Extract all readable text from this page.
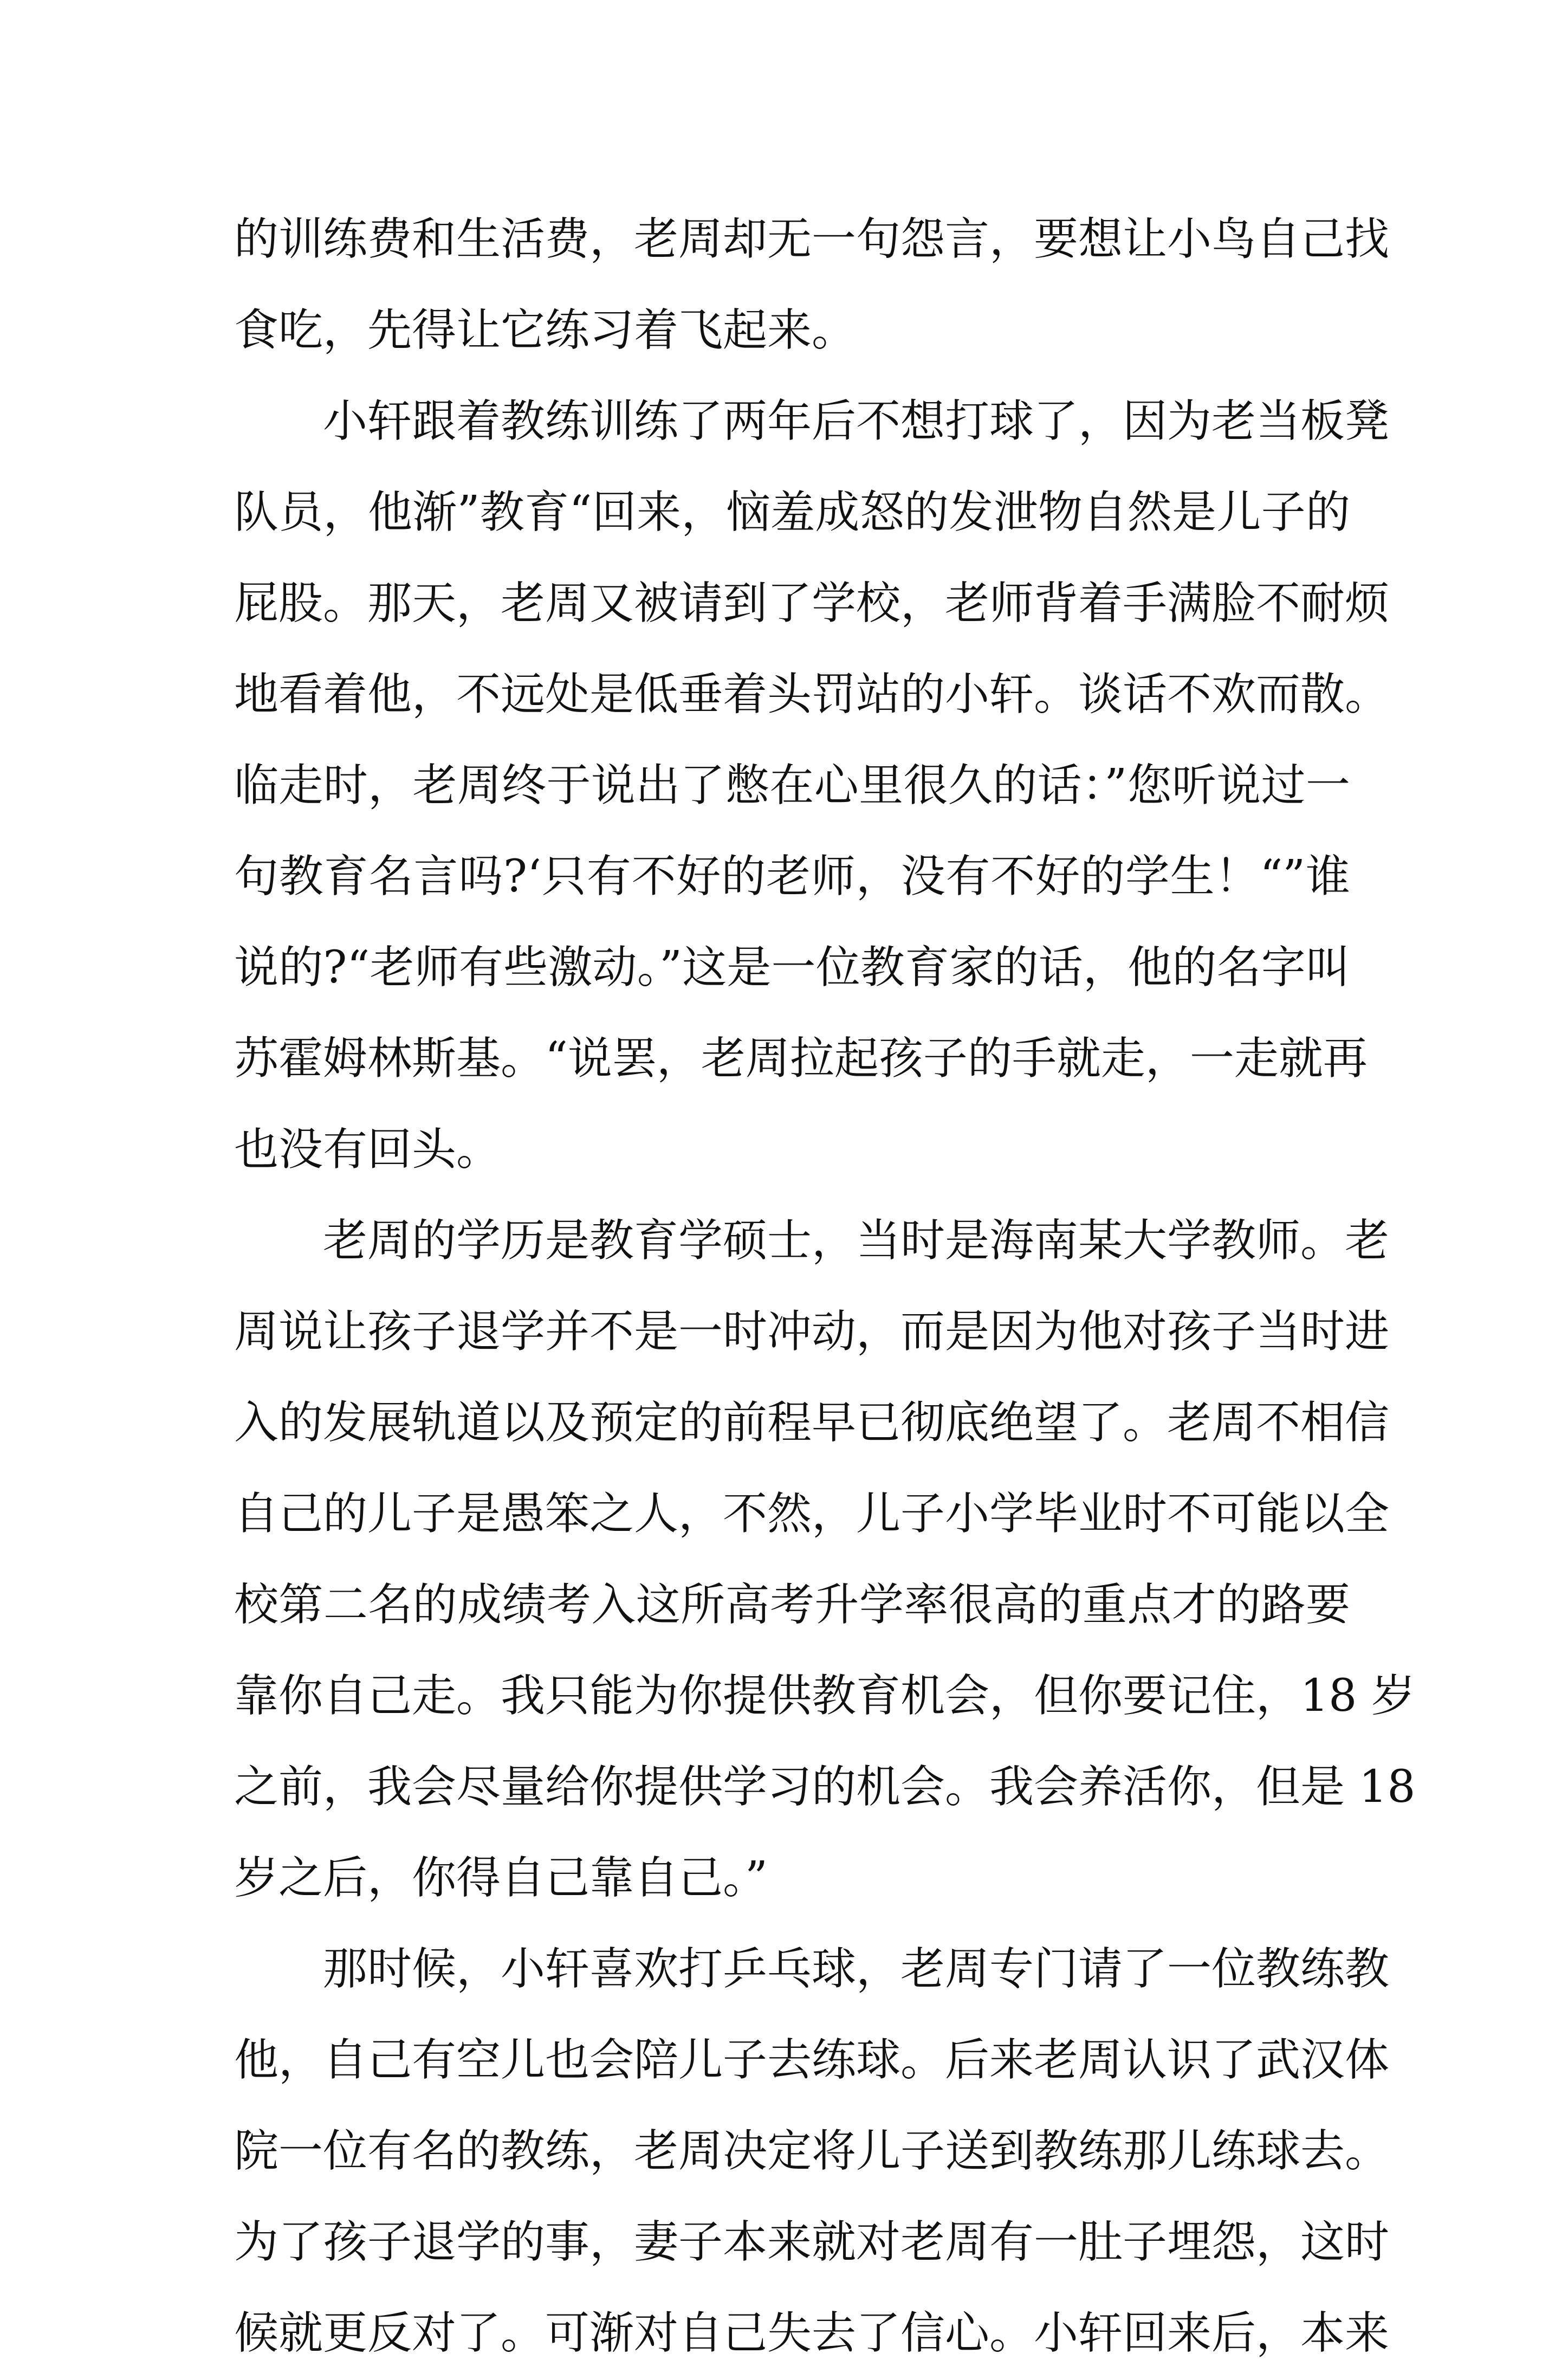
的训练费和生活费，老周却无一句怨言，要想让小鸟自己找
食吃，先得让它练习着飞起来。
小轩跟着教练训练了两年后不想打球了，因为老当板凳
队员，他渐”教育“回来，恼羞成怒的发泄物自然是儿子的
屁股。那天，老周又被请到了学校，老师背着手满脸不耐烦
地看着他，不远处是低垂着头罚站的小轩。谈话不欢而散。
临走时，老周终于说出了憋在心里很久的话：”您听说过一
句教育名言吗?‘只有不好的老师，没有不好的学生！“”谁
说的?“老师有些激动。”这是一位教育家的话，他的名字叫
苏霍姆林斯基。“说罢，老周拉起孩子的手就走，一走就再
也没有回头。
老周的学历是教育学硕士，当时是海南某大学教师。老
周说让孩子退学并不是一时冲动，而是因为他对孩子当时进
入的发展轨道以及预定的前程早已彻底绝望了。老周不相信
自己的儿子是愚笨之人，不然，儿子小学毕业时不可能以全
校第二名的成绩考入这所高考升学率很高的重点才的路要
靠你自己走。我只能为你提供教育机会，但你要记住，18 岁
之前，我会尽量给你提供学习的机会。我会养活你，但是 18
岁之后，你得自己靠自己。”
那时候，小轩喜欢打乒乓球，老周专门请了一位教练教
他，自己有空儿也会陪儿子去练球。后来老周认识了武汉体
院一位有名的教练，老周决定将儿子送到教练那儿练球去。
为了孩子退学的事，妻子本来就对老周有一肚子埋怨，这时
候就更反对了。可渐对自己失去了信心。小轩回来后，本来
